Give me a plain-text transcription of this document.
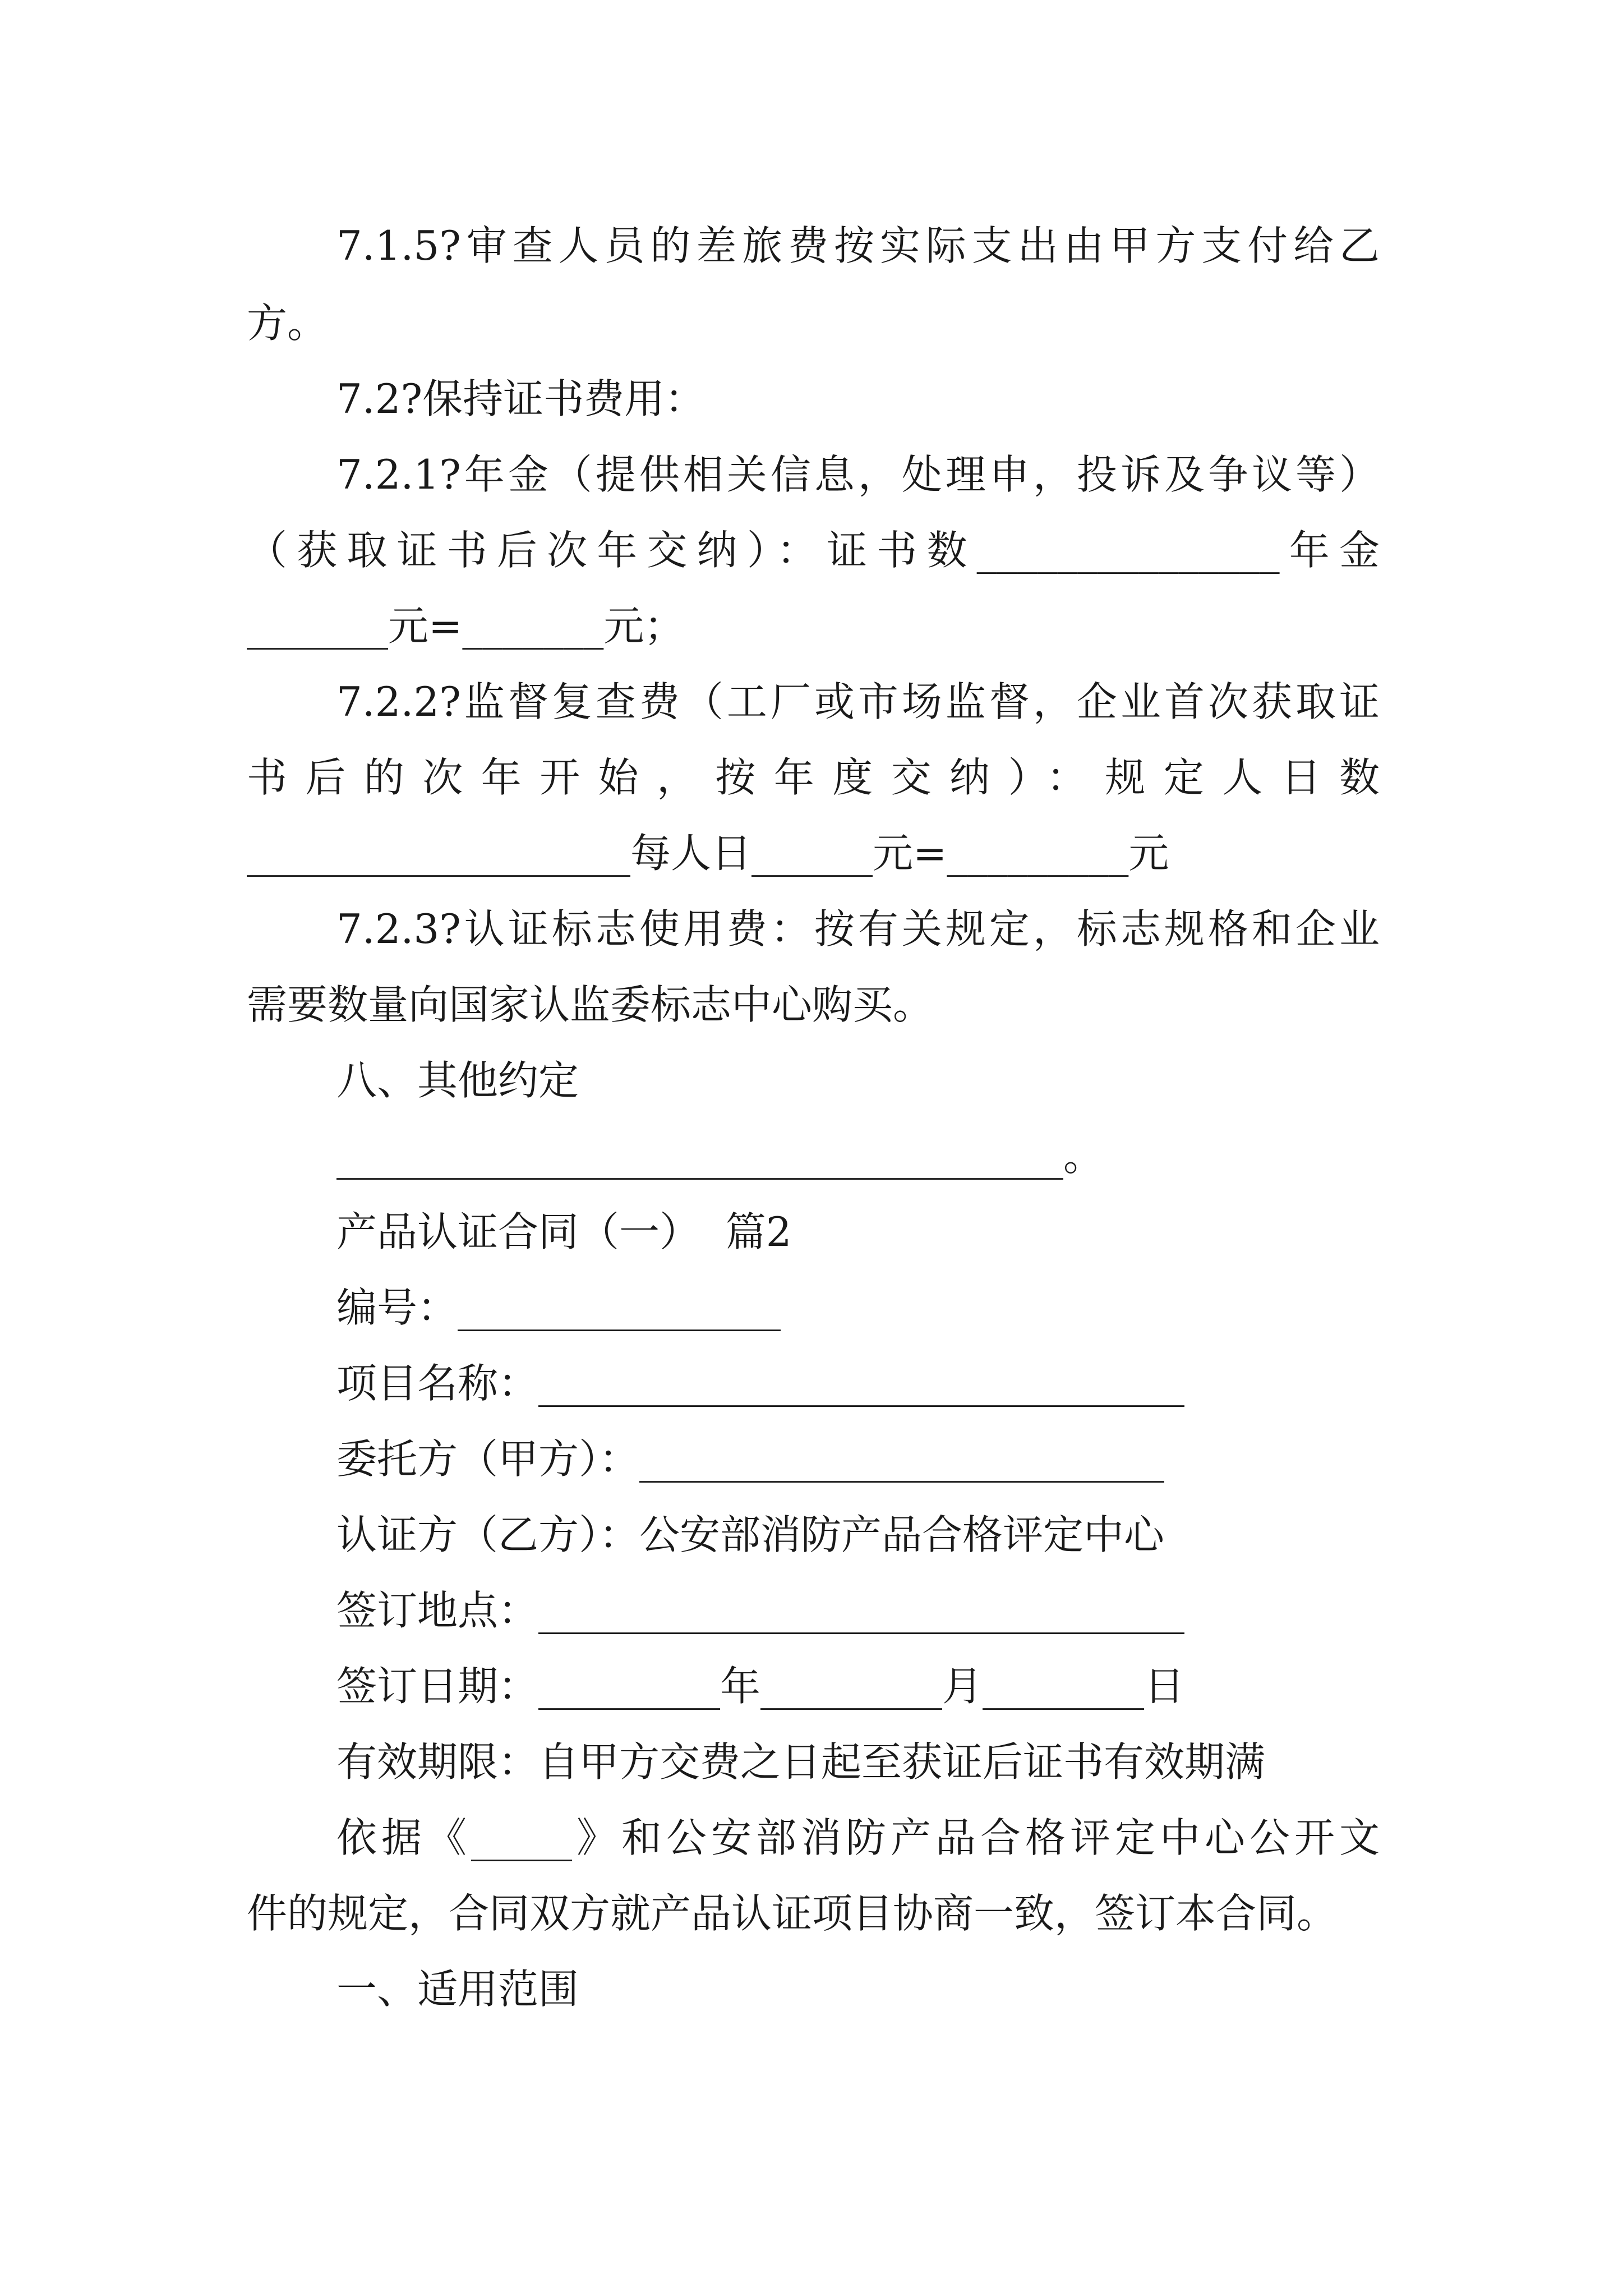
7.1.5?审查人员的差旅费按实际支出由甲方支付给乙
方。
7.2?保持证书费用：
7.2.1?年金（提供相关信息，处理申，投诉及争议等）
（获取证书后次年交纳）：证书数_______________年金
_______元=_______元；
7.2.2?监督复查费（工厂或市场监督，企业首次获取证
书后的次年开始，按年度交纳）：规定人日数
___________________每人日______元=_________元
7.2.3?认证标志使用费：按有关规定，标志规格和企业
需要数量向国家认监委标志中心购买。
八、其他约定
____________________________________。
产品认证合同（一）  篇2
编号：________________
项目名称：________________________________
委托方（甲方）：__________________________
认证方（乙方）：公安部消防产品合格评定中心
签订地点：________________________________
签订日期：_________年_________月________日
有效期限：自甲方交费之日起至获证后证书有效期满
依据《_____》和公安部消防产品合格评定中心公开文
件的规定，合同双方就产品认证项目协商一致，签订本合同。
一、适用范围
